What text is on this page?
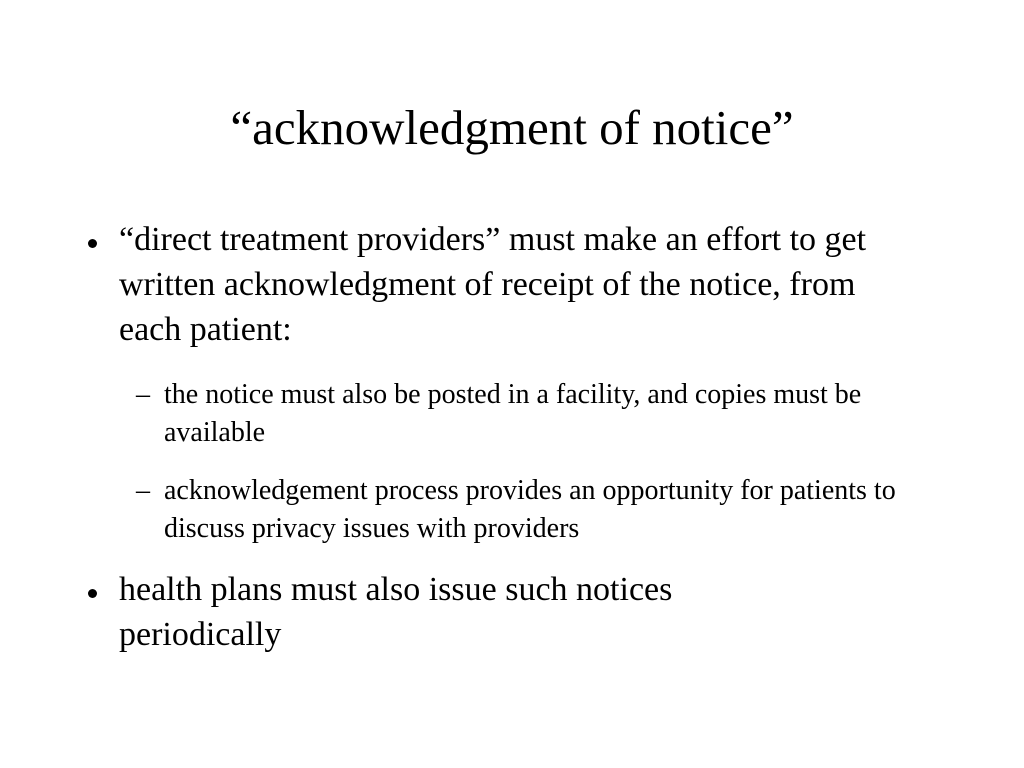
“acknowledgment of notice”
“direct treatment providers” must make an effort to get written acknowledgment of receipt of the notice, from each patient:
– the notice must also be posted in a facility, and copies must be available
– acknowledgement process provides an opportunity for patients to discuss privacy issues with providers
health plans must also issue such notices periodically
